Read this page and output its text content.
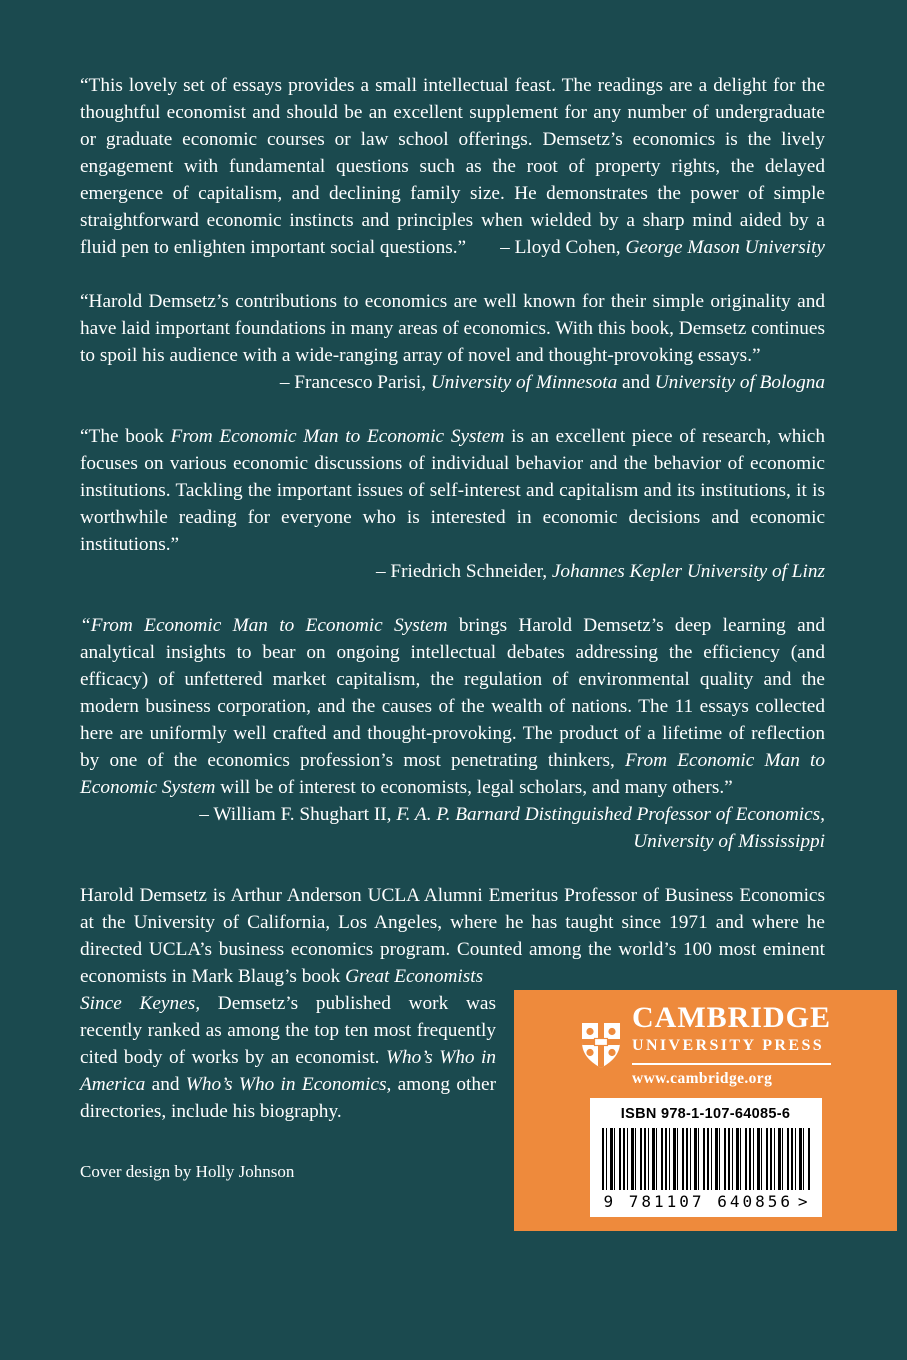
“This lovely set of essays provides a small intellectual feast. The readings are a delight for the thoughtful economist and should be an excellent supplement for any number of undergraduate or graduate economic courses or law school offerings. Demsetz’s economics is the lively engagement with fundamental questions such as the root of property rights, the delayed emergence of capitalism, and declining family size. He demonstrates the power of simple straightforward economic instincts and principles when wielded by a sharp mind aided by a fluid pen to enlighten important social questions.” – Lloyd Cohen, George Mason University

“Harold Demsetz’s contributions to economics are well known for their simple originality and have laid important foundations in many areas of economics. With this book, Demsetz continues to spoil his audience with a wide-ranging array of novel and thought-provoking essays.”

– Francesco Parisi, University of Minnesota and University of Bologna

“The book From Economic Man to Economic System is an excellent piece of research, which focuses on various economic discussions of individual behavior and the behavior of economic institutions. Tackling the important issues of self-interest and capitalism and its institutions, it is worthwhile reading for everyone who is interested in economic decisions and economic institutions.”

– Friedrich Schneider, Johannes Kepler University of Linz

“From Economic Man to Economic System brings Harold Demsetz’s deep learning and analytical insights to bear on ongoing intellectual debates addressing the efficiency (and efficacy) of unfettered market capitalism, the regulation of environmental quality and the modern business corporation, and the causes of the wealth of nations. The 11 essays collected here are uniformly well crafted and thought-provoking. The product of a lifetime of reflection by one of the economics profession’s most penetrating thinkers, From Economic Man to Economic System will be of interest to economists, legal scholars, and many others.”

– William F. Shughart II, F. A. P. Barnard Distinguished Professor of Economics,
University of Mississippi

Harold Demsetz is Arthur Anderson UCLA Alumni Emeritus Professor of Business Economics at the University of California, Los Angeles, where he has taught since 1971 and where he directed UCLA’s business economics program. Counted among the world’s 100 most eminent economists in Mark Blaug’s book Great Economists

Since Keynes, Demsetz’s published work was recently ranked as among the top ten most frequently cited body of works by an economist. Who’s Who in America and Who’s Who in Economics, among other directories, include his biography.

Cover design by Holly Johnson

CAMBRIDGE
UNIVERSITY PRESS
www.cambridge.org
ISBN 978-1-107-64085-6
9 781107 640856 >
